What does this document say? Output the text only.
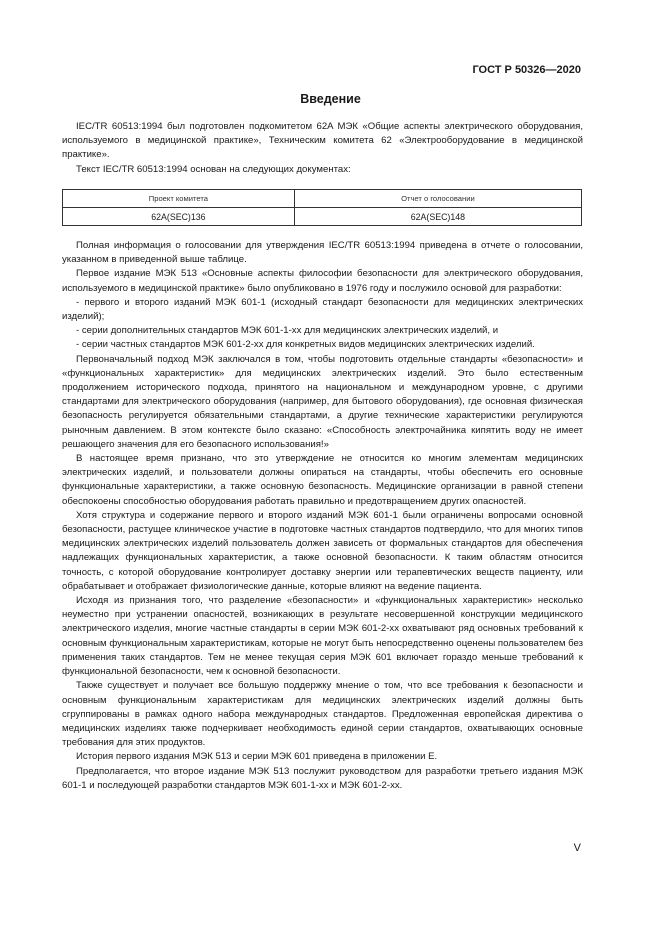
ГОСТ Р 50326—2020
Введение

IEC/TR 60513:1994 был подготовлен подкомитетом 62A МЭК «Общие аспекты электрического оборудования, используемого в медицинской практике», Техническим комитета 62 «Электрооборудование в медицинской практике».

Текст IEC/TR 60513:1994 основан на следующих документах:

Проект комитета	Отчет о голосовании
62A(SEC)136	62A(SEC)148

Полная информация о голосовании для утверждения IEC/TR 60513:1994 приведена в отчете о голосовании, указанном в приведенной выше таблице.

Первое издание МЭК 513 «Основные аспекты философии безопасности для электрического оборудования, используемого в медицинской практике» было опубликовано в 1976 году и послужило основой для разработки:

- первого и второго изданий МЭК 601-1 (исходный стандарт безопасности для медицинских электрических изделий);

- серии дополнительных стандартов МЭК 601-1-хх для медицинских электрических изделий, и

- серии частных стандартов МЭК 601-2-хх для конкретных видов медицинских электрических изделий.

Первоначальный подход МЭК заключался в том, чтобы подготовить отдельные стандарты «безопасности» и «функциональных характеристик» для медицинских электрических изделий. Это было естественным продолжением исторического подхода, принятого на национальном и международном уровне, с другими стандартами для электрического оборудования (например, для бытового оборудования), где основная физическая безопасность регулируется обязательными стандартами, а другие технические характеристики регулируются рыночным давлением. В этом контексте было сказано: «Способность электрочайника кипятить воду не имеет решающего значения для его безопасного использования!»

В настоящее время признано, что это утверждение не относится ко многим элементам медицинских электрических изделий, и пользователи должны опираться на стандарты, чтобы обеспечить его основные функциональные характеристики, а также основную безопасность. Медицинские организации в равной степени обеспокоены способностью оборудования работать правильно и предотвращением других опасностей.

Хотя структура и содержание первого и второго изданий МЭК 601-1 были ограничены вопросами основной безопасности, растущее клиническое участие в подготовке частных стандартов подтвердило, что для многих типов медицинских электрических изделий пользователь должен зависеть от формальных стандартов для обеспечения надлежащих функциональных характеристик, а также основной безопасности. К таким областям относится точность, с которой оборудование контролирует доставку энергии или терапевтических веществ пациенту, или обрабатывает и отображает физиологические данные, которые влияют на ведение пациента.

Исходя из признания того, что разделение «безопасности» и «функциональных характеристик» несколько неуместно при устранении опасностей, возникающих в результате несовершенной конструкции медицинского электрического изделия, многие частные стандарты в серии МЭК 601-2-хх охватывают ряд основных требований к основным функциональным характеристикам, которые не могут быть непосредственно оценены пользователем без применения таких стандартов. Тем не менее текущая серия МЭК 601 включает гораздо меньше требований к функциональной безопасности, чем к основной безопасности.

Также существует и получает все большую поддержку мнение о том, что все требования к безопасности и основным функциональным характеристикам для медицинских электрических изделий должны быть сгруппированы в рамках одного набора международных стандартов. Предложенная европейская директива о медицинских изделиях также подчеркивает необходимость единой серии стандартов, охватывающих основные требования для этих продуктов.

История первого издания МЭК 513 и серии МЭК 601 приведена в приложении Е.

Предполагается, что второе издание МЭК 513 послужит руководством для разработки третьего издания МЭК 601-1 и последующей разработки стандартов МЭК 601-1-хх и МЭК 601-2-хх.

V
